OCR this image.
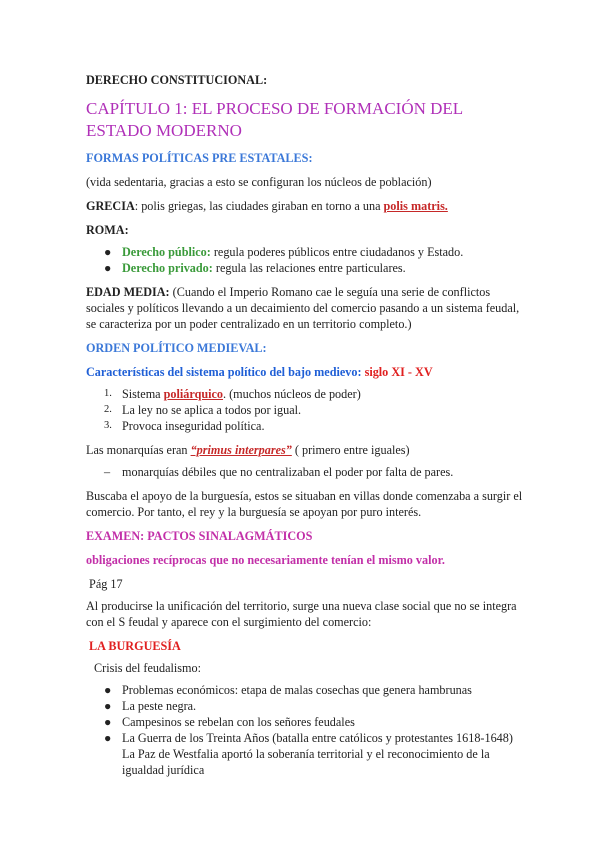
DERECHO CONSTITUCIONAL:

CAPÍTULO 1: EL PROCESO DE FORMACIÓN DEL ESTADO MODERNO

FORMAS POLÍTICAS PRE ESTATALES:

(vida sedentaria, gracias a esto se configuran los núcleos de población)

GRECIA: polis griegas, las ciudades giraban en torno a una polis matris.

ROMA:

● Derecho público: regula poderes públicos entre ciudadanos y Estado.
● Derecho privado: regula las relaciones entre particulares.

EDAD MEDIA: (Cuando el Imperio Romano cae le seguía una serie de conflictos sociales y políticos llevando a un decaimiento del comercio pasando a un sistema feudal, se caracteriza por un poder centralizado en un territorio completo.)

ORDEN POLÍTICO MEDIEVAL:

Características del sistema político del bajo medievo: siglo XI - XV

1. Sistema poliárquico. (muchos núcleos de poder)
2. La ley no se aplica a todos por igual.
3. Provoca inseguridad política.

Las monarquías eran “primus interpares” ( primero entre iguales)

– monarquías débiles que no centralizaban el poder por falta de pares.

Buscaba el apoyo de la burguesía, estos se situaban en villas donde comenzaba a surgir el comercio. Por tanto, el rey y la burguesía se apoyan por puro interés.

EXAMEN: PACTOS SINALAGMÁTICOS

obligaciones recíprocas que no necesariamente tenían el mismo valor.

Pág 17

Al producirse la unificación del territorio, surge una nueva clase social que no se integra con el S feudal y aparece con el surgimiento del comercio:

LA BURGUESÍA

Crisis del feudalismo:

● Problemas económicos: etapa de malas cosechas que genera hambrunas
● La peste negra.
● Campesinos se rebelan con los señores feudales
● La Guerra de los Treinta Años (batalla entre católicos y protestantes 1618-1648) La Paz de Westfalia aportó la soberanía territorial y el reconocimiento de la igualdad jurídica
